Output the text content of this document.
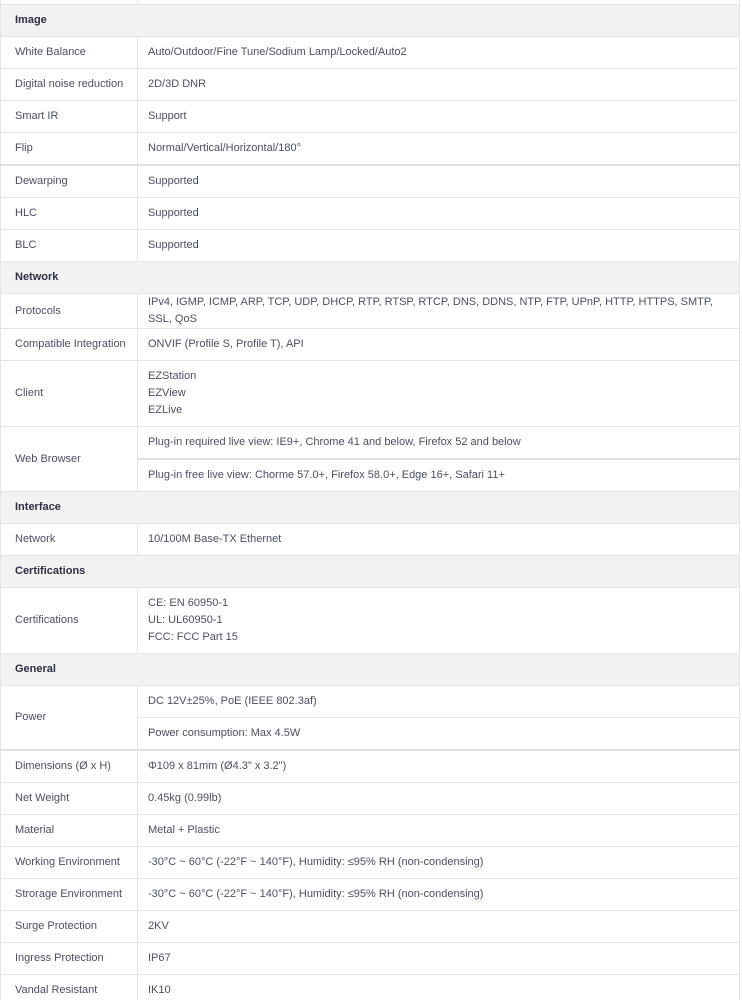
Image	
White Balance	Auto/Outdoor/Fine Tune/Sodium Lamp/Locked/Auto2
Digital noise reduction	2D/3D DNR
Smart IR	Support
Flip	Normal/Vertical/Horizontal/180°
Dewarping	Supported
HLC	Supported
BLC	Supported
Network	
Protocols	IPv4, IGMP, ICMP, ARP, TCP, UDP, DHCP, RTP, RTSP, RTCP, DNS, DDNS, NTP, FTP, UPnP, HTTP, HTTPS, SMTP, SSL, QoS
Compatible Integration	ONVIF (Profile S, Profile T), API
Client	EZStation
EZView
EZLive

Web Browser	Plug-in required live view: IE9+, Chrome 41 and below, Firefox 52 and below
	Plug-in free live view: Chorme 57.0+, Firefox 58.0+, Edge 16+, Safari 11+
Interface	
Network	10/100M Base-TX Ethernet
Certifications	
Certifications	CE: EN 60950-1
UL: UL60950-1
FCC: FCC Part 15

General	
Power	DC 12V±25%, PoE (IEEE 802.3af)
	Power consumption: Max 4.5W
Dimensions (Ø x H)	Φ109 x 81mm (Ø4.3" x 3.2")
Net Weight	0.45kg (0.99lb)
Material	Metal + Plastic
Working Environment	-30°C ~ 60°C (-22°F ~ 140°F), Humidity: ≤95% RH (non-condensing)
Strorage Environment	-30°C ~ 60°C (-22°F ~ 140°F), Humidity: ≤95% RH (non-condensing)
Surge Protection	2KV
Ingress Protection	IP67
Vandal Resistant	IK10
